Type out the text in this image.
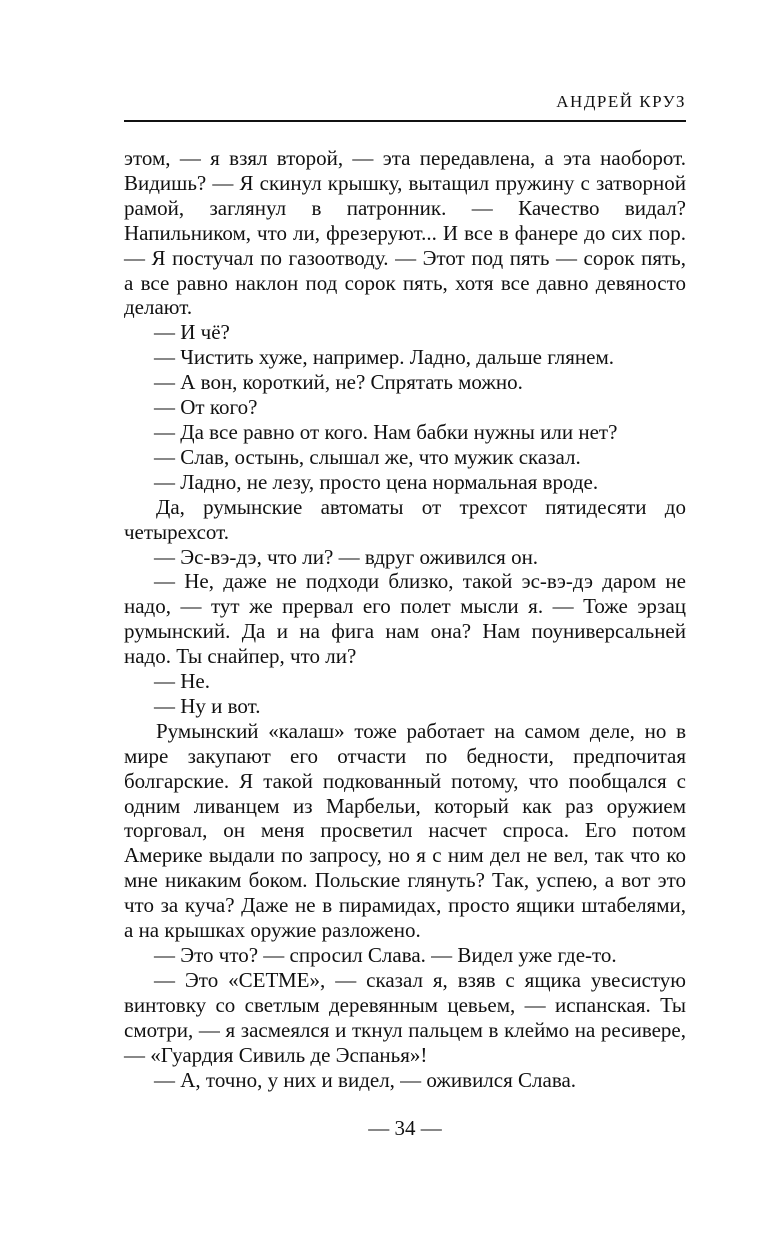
АНДРЕЙ КРУЗ

этом, — я взял второй, — эта передавлена, а эта наоборот. Видишь? — Я скинул крышку, вытащил пружину с затворной рамой, заглянул в патронник. — Качество видал? Напильником, что ли, фрезеруют... И все в фанере до сих пор. — Я постучал по газоотводу. — Этот под пять — сорок пять, а все равно наклон под сорок пять, хотя все давно девяносто делают.

— И чё?

— Чистить хуже, например. Ладно, дальше глянем.

— А вон, короткий, не? Спрятать можно.

— От кого?

— Да все равно от кого. Нам бабки нужны или нет?

— Слав, остынь, слышал же, что мужик сказал.

— Ладно, не лезу, просто цена нормальная вроде.

Да, румынские автоматы от трехсот пятидесяти до четырехсот.

— Эс-вэ-дэ, что ли? — вдруг оживился он.

— Не, даже не подходи близко, такой эс-вэ-дэ даром не надо, — тут же прервал его полет мысли я. — Тоже эрзац румынский. Да и на фига нам она? Нам поуниверсальней надо. Ты снайпер, что ли?

— Не.

— Ну и вот.

Румынский «калаш» тоже работает на самом деле, но в мире закупают его отчасти по бедности, предпочитая болгарские. Я такой подкованный потому, что пообщался с одним ливанцем из Марбельи, который как раз оружием торговал, он меня просветил насчет спроса. Его потом Америке выдали по запросу, но я с ним дел не вел, так что ко мне никаким боком. Польские глянуть? Так, успею, а вот это что за куча? Даже не в пирамидах, просто ящики штабелями, а на крышках оружие разложено.

— Это что? — спросил Слава. — Видел уже где-то.

— Это «СЕТМЕ», — сказал я, взяв с ящика увесистую винтовку со светлым деревянным цевьем, — испанская. Ты смотри, — я засмеялся и ткнул пальцем в клеймо на ресивере,— «Гуардия Сивиль де Эспанья»!

— А, точно, у них и видел, — оживился Слава.

— 34 —
